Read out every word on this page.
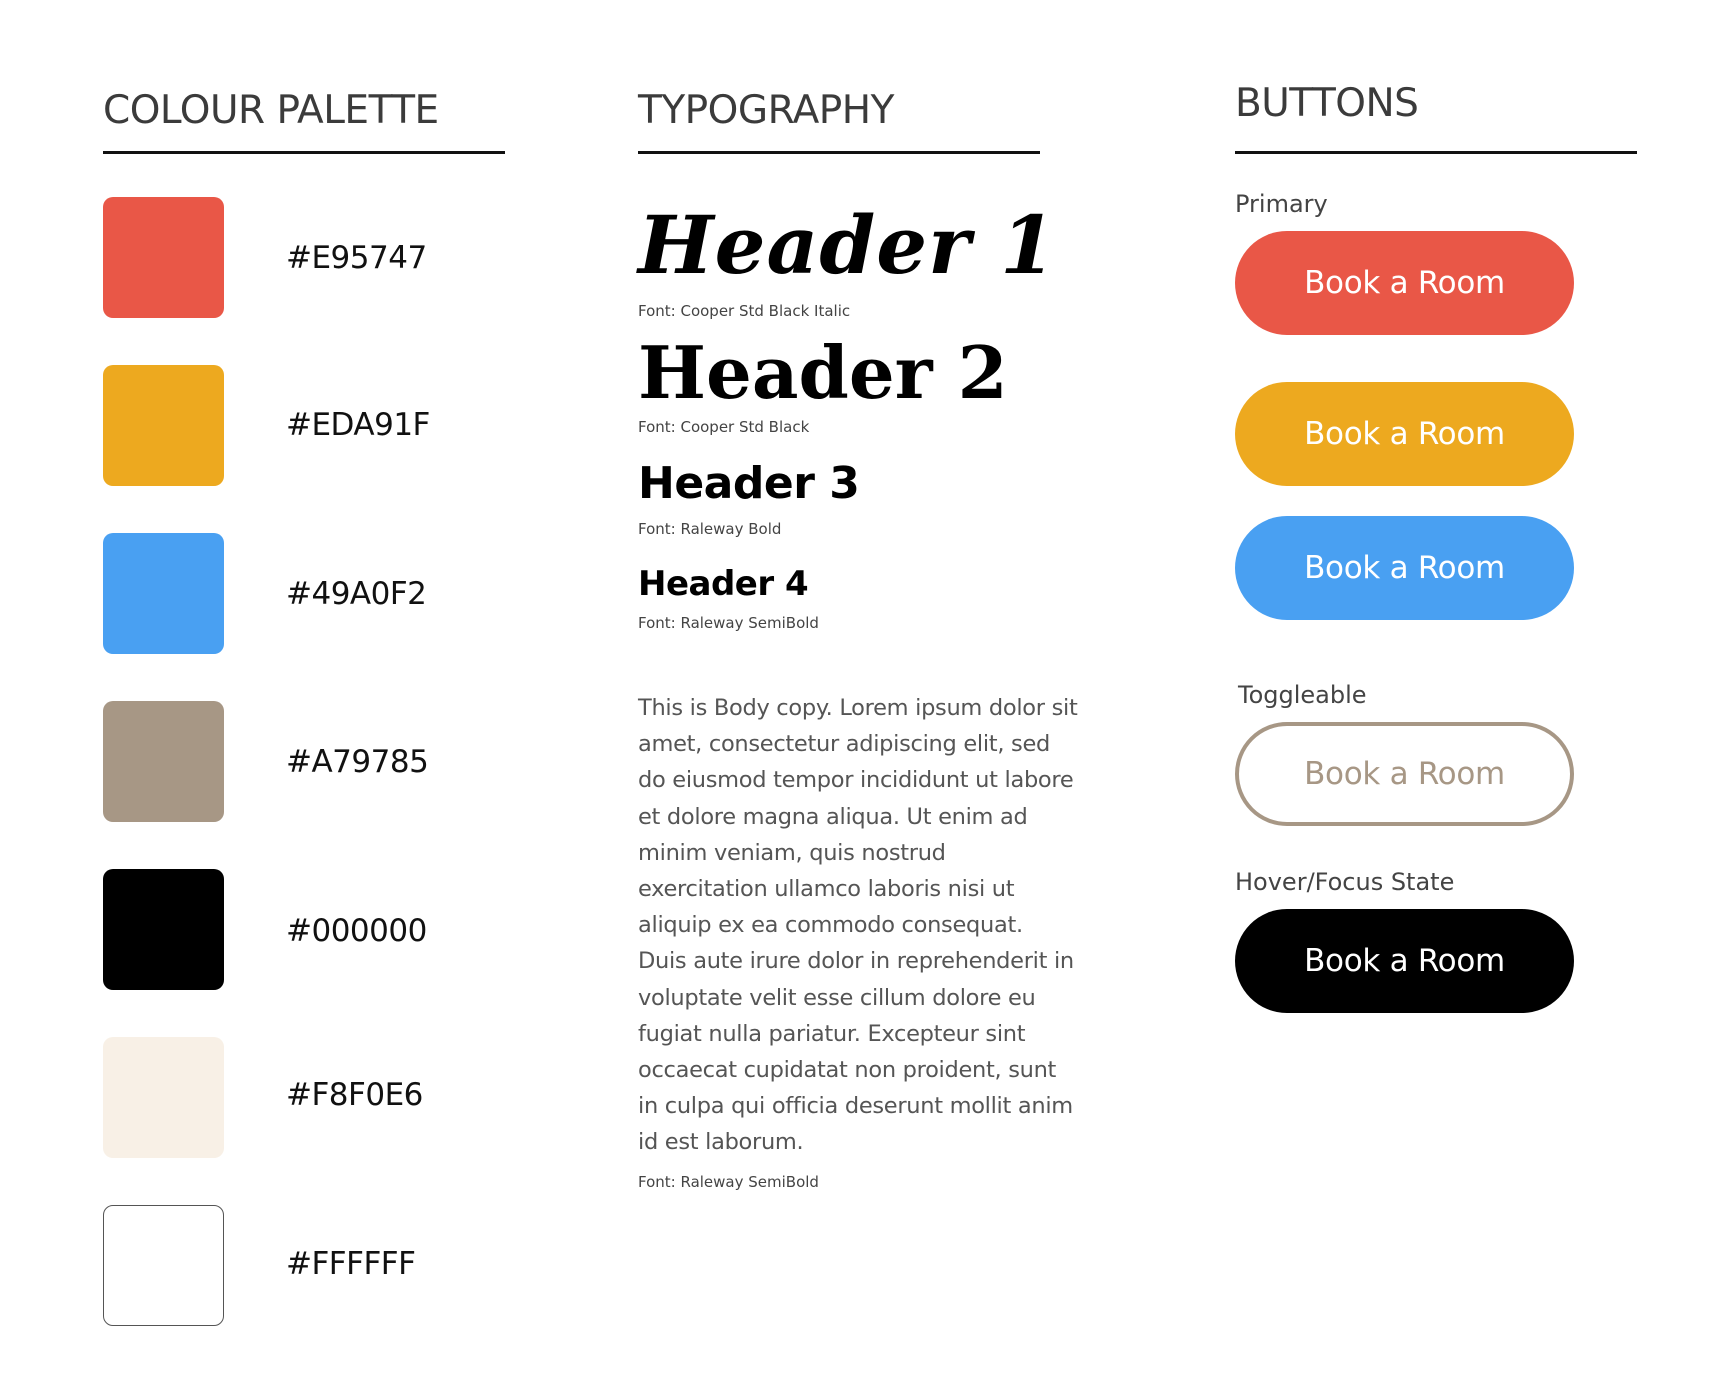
COLOUR PALETTE
#E95747
#EDA91F
#49A0F2
#A79785
#000000
#F8F0E6
#FFFFFF
TYPOGRAPHY
Header 1
Font: Cooper Std Black Italic
Header 2
Font: Cooper Std Black
Header 3
Font: Raleway Bold
Header 4
Font: Raleway SemiBold

This is Body copy. Lorem ipsum dolor sit amet, consectetur adipiscing elit, sed do eiusmod tempor incididunt ut labore et dolore magna aliqua. Ut enim ad minim veniam, quis nostrud exercitation ullamco laboris nisi ut aliquip ex ea commodo consequat. Duis aute irure dolor in reprehenderit in voluptate velit esse cillum dolore eu fugiat nulla pariatur. Excepteur sint occaecat cupidatat non proident, sunt in culpa qui officia deserunt mollit anim id est laborum.

Font: Raleway SemiBold
BUTTONS
Primary
Book a Room
Book a Room
Book a Room
Toggleable
Book a Room
Hover/Focus State
Book a Room
